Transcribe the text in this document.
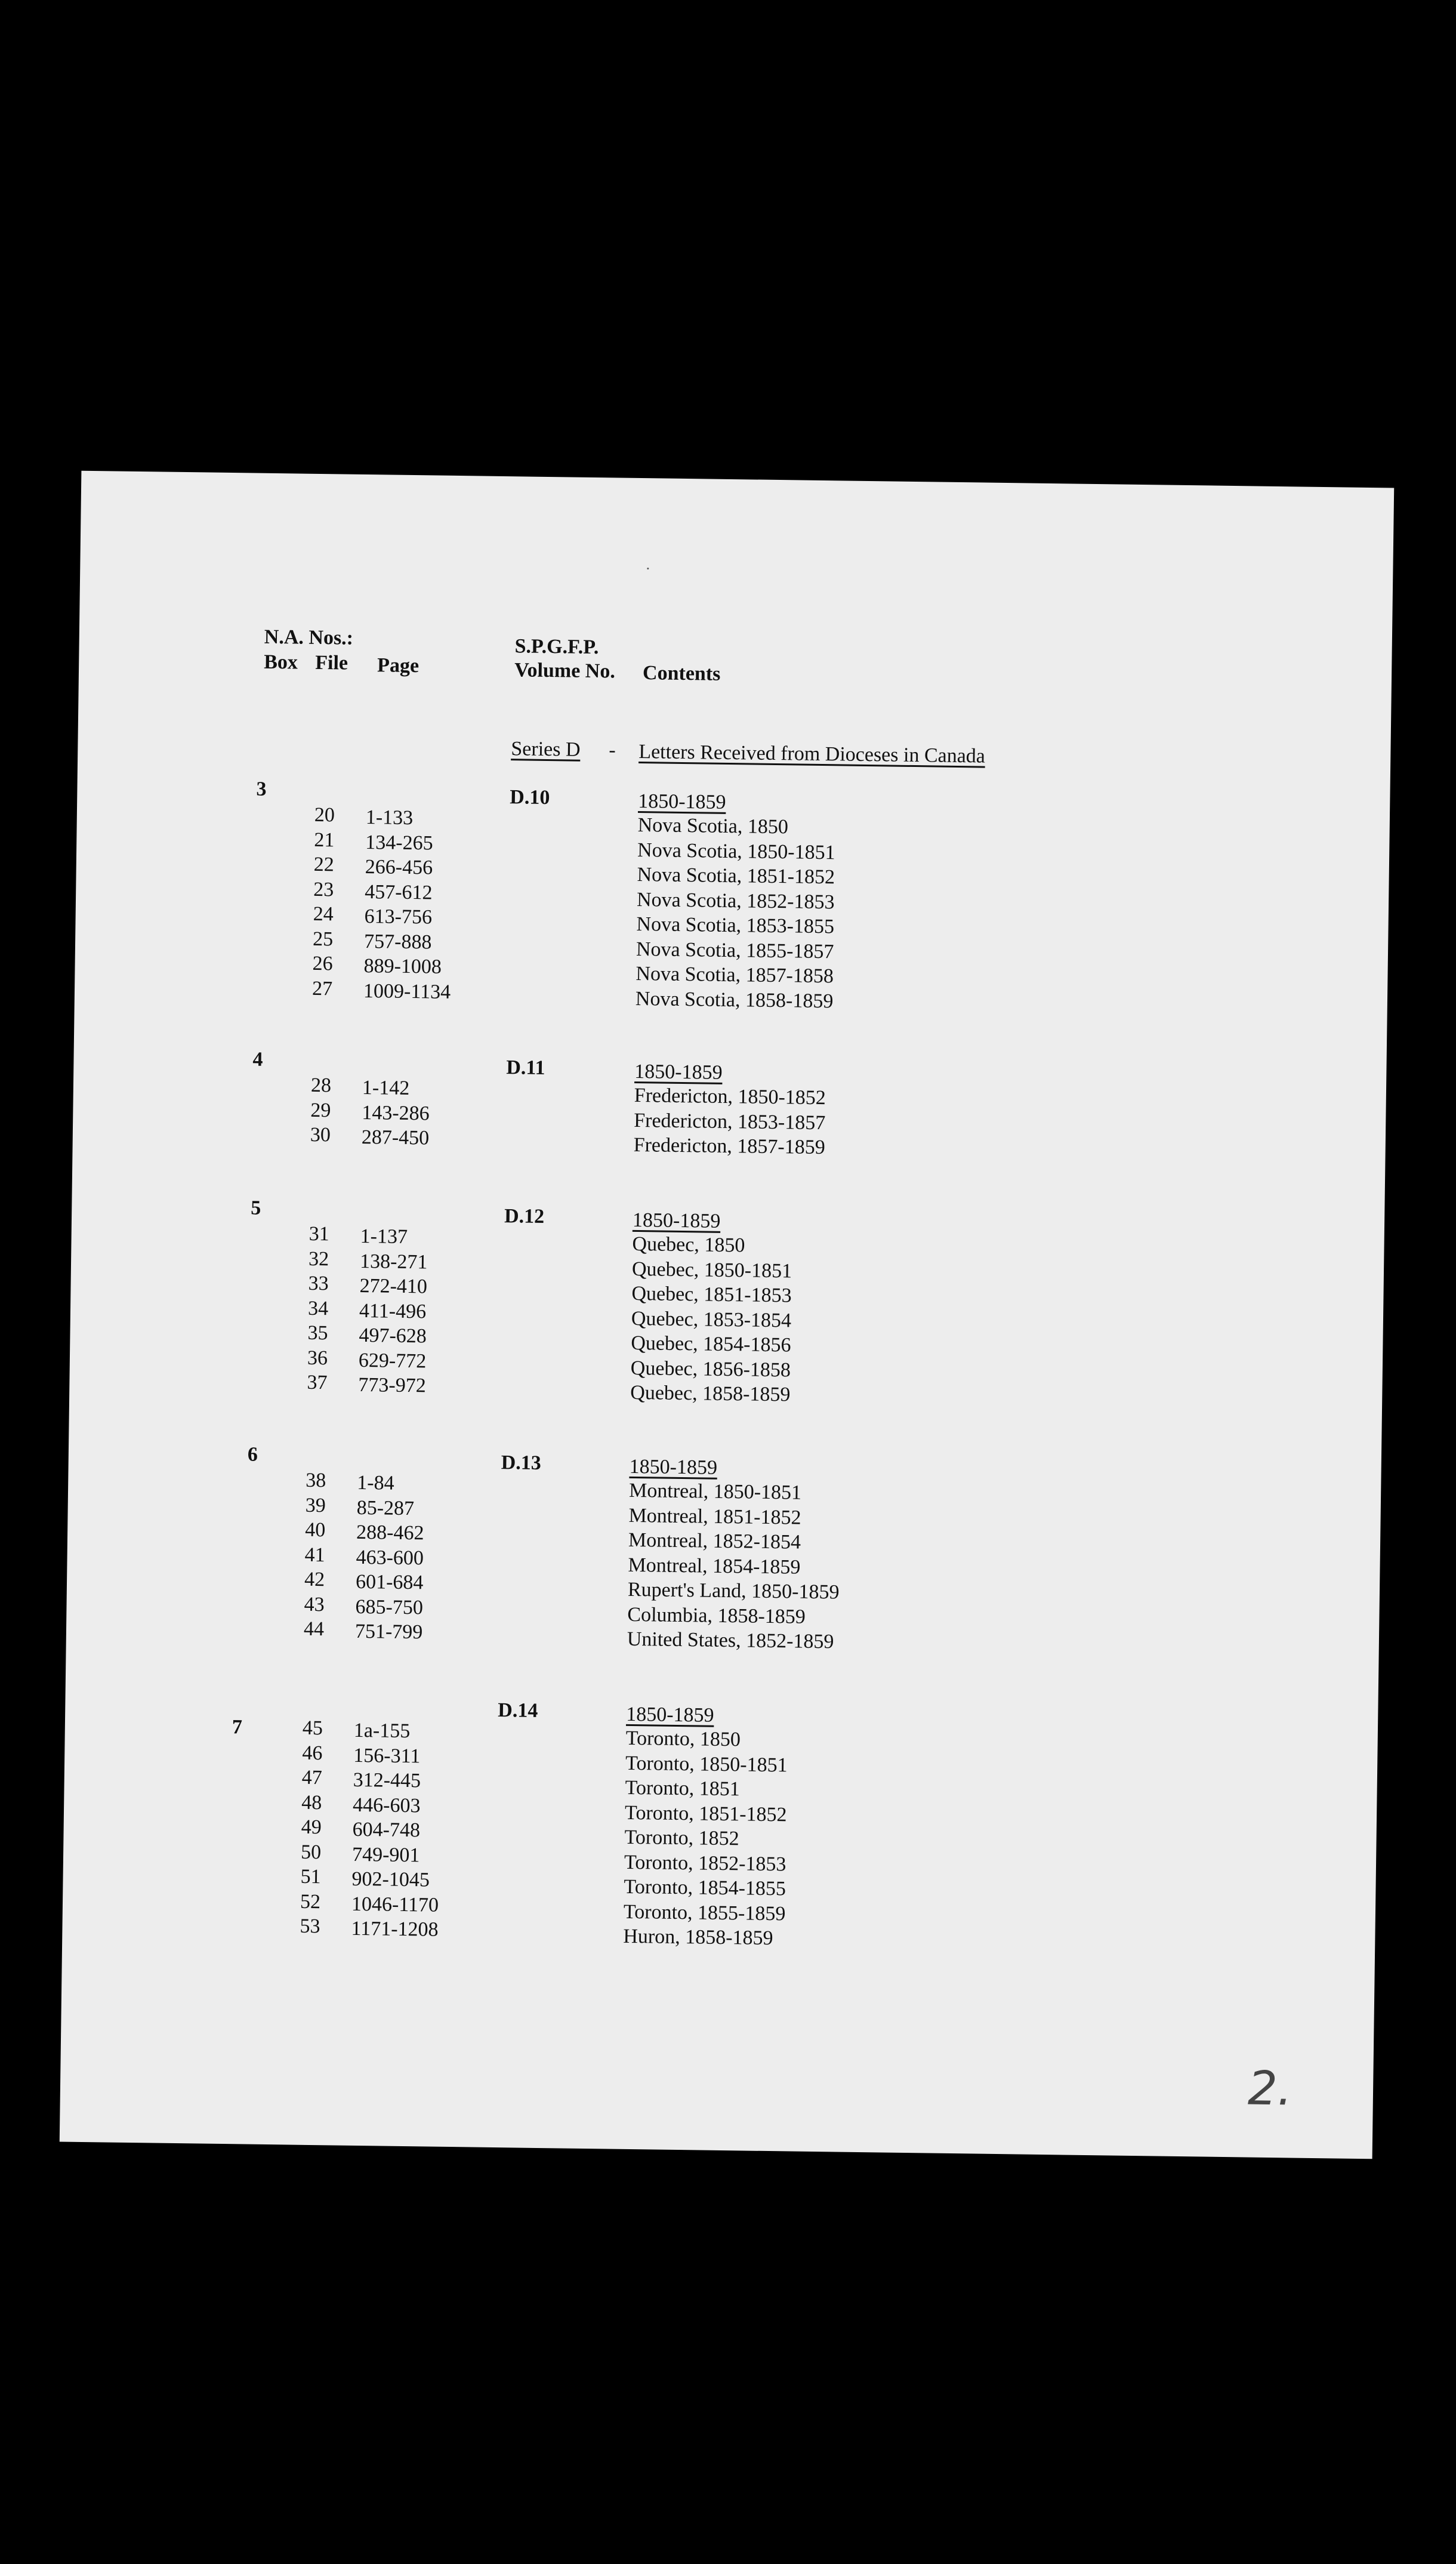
N.A. Nos.:
Box File Page
S.P.G.F.P.
Volume No. Contents
Series D - Letters Received from Dioceses in Canada
3	D.10	1850-1859
20 1-133	Nova Scotia, 1850
21 134-265	Nova Scotia, 1850-1851
22 266-456	Nova Scotia, 1851-1852
23 457-612	Nova Scotia, 1852-1853
24 613-756	Nova Scotia, 1853-1855
25 757-888	Nova Scotia, 1855-1857
26 889-1008	Nova Scotia, 1857-1858
27 1009-1134	Nova Scotia, 1858-1859
4	D.11	1850-1859
28 1-142	Fredericton, 1850-1852
29 143-286	Fredericton, 1853-1857
30 287-450	Fredericton, 1857-1859
5	D.12	1850-1859
31 1-137	Quebec, 1850
32 138-271	Quebec, 1850-1851
33 272-410	Quebec, 1851-1853
34 411-496	Quebec, 1853-1854
35 497-628	Quebec, 1854-1856
36 629-772	Quebec, 1856-1858
37 773-972	Quebec, 1858-1859
6	D.13	1850-1859
38 1-84	Montreal, 1850-1851
39 85-287	Montreal, 1851-1852
40 288-462	Montreal, 1852-1854
41 463-600	Montreal, 1854-1859
42 601-684	Rupert's Land, 1850-1859
43 685-750	Columbia, 1858-1859
44 751-799	United States, 1852-1859
7
D.14	1850-1859
45 1a-155	Toronto, 1850
46 156-311	Toronto, 1850-1851
47 312-445	Toronto, 1851
48 446-603	Toronto, 1851-1852
49 604-748	Toronto, 1852
50 749-901	Toronto, 1852-1853
51 902-1045	Toronto, 1854-1855
52 1046-1170	Toronto, 1855-1859
53 1171-1208	Huron, 1858-1859
2.
